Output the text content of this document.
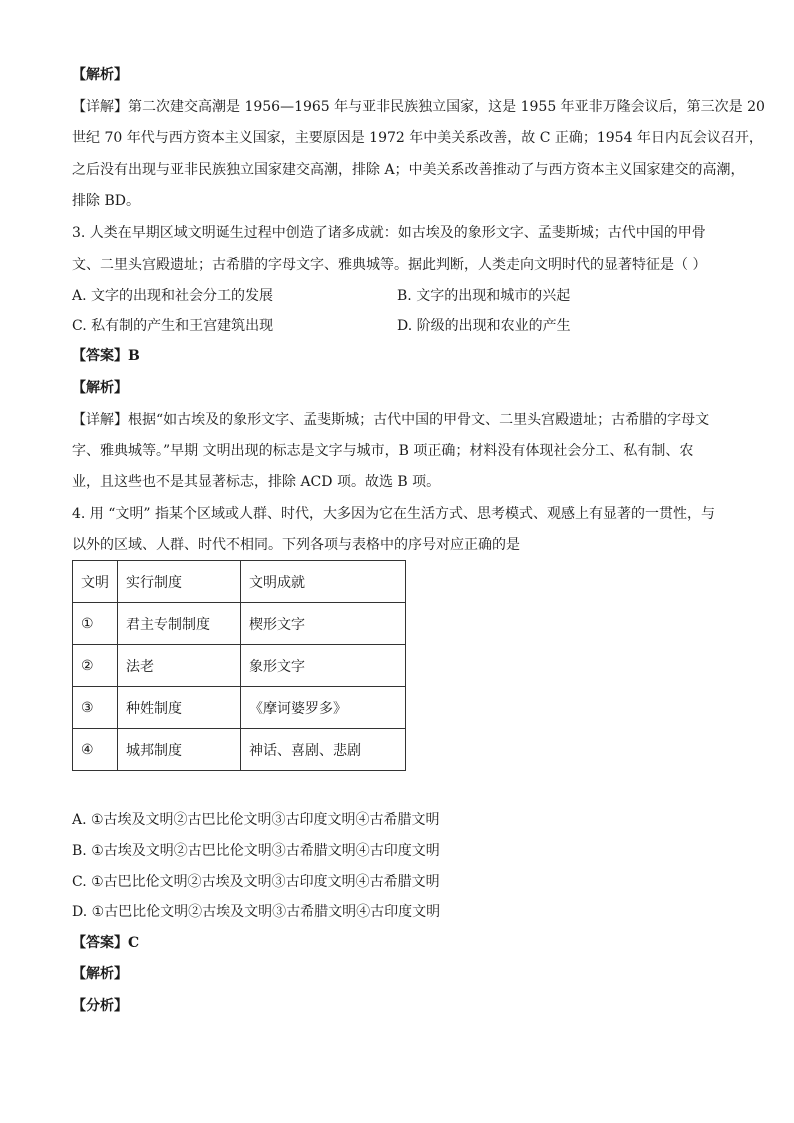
【解析】
【详解】第二次建交高潮是 1956—1965 年与亚非民族独立国家，这是 1955 年亚非万隆会议后，第三次是 20
世纪 70 年代与西方资本主义国家，主要原因是 1972 年中美关系改善，故 C 正确；1954 年日内瓦会议召开，
之后没有出现与亚非民族独立国家建交高潮，排除 A；中美关系改善推动了与西方资本主义国家建交的高潮，
排除 BD。
3. 人类在早期区域文明诞生过程中创造了诸多成就：如古埃及的象形文字、孟斐斯城；古代中国的甲骨
文、二里头宫殿遗址；古希腊的字母文字、雅典城等。据此判断，人类走向文明时代的显著特征是（ ）
A. 文字的出现和社会分工的发展	B. 文字的出现和城市的兴起
C. 私有制的产生和王宫建筑出现	D. 阶级的出现和农业的产生
【答案】B
【解析】
【详解】根据“如古埃及的象形文字、孟斐斯城；古代中国的甲骨文、二里头宫殿遗址；古希腊的字母文
字、雅典城等。”早期 文明出现的标志是文字与城市，B 项正确；材料没有体现社会分工、私有制、农
业，且这些也不是其显著标志，排除 ACD 项。故选 B 项。
4. 用 “文明” 指某个区域或人群、时代，大多因为它在生活方式、思考模式、观感上有显著的一贯性，与
以外的区域、人群、时代不相同。下列各项与表格中的序号对应正确的是
文明	实行制度	文明成就
①	君主专制制度	楔形文字
②	法老	象形文字
③	种姓制度	《摩诃婆罗多》
④	城邦制度	神话、喜剧、悲剧
A. ①古埃及文明②古巴比伦文明③古印度文明④古希腊文明
B. ①古埃及文明②古巴比伦文明③古希腊文明④古印度文明
C. ①古巴比伦文明②古埃及文明③古印度文明④古希腊文明
D. ①古巴比伦文明②古埃及文明③古希腊文明④古印度文明
【答案】C
【解析】
【分析】
